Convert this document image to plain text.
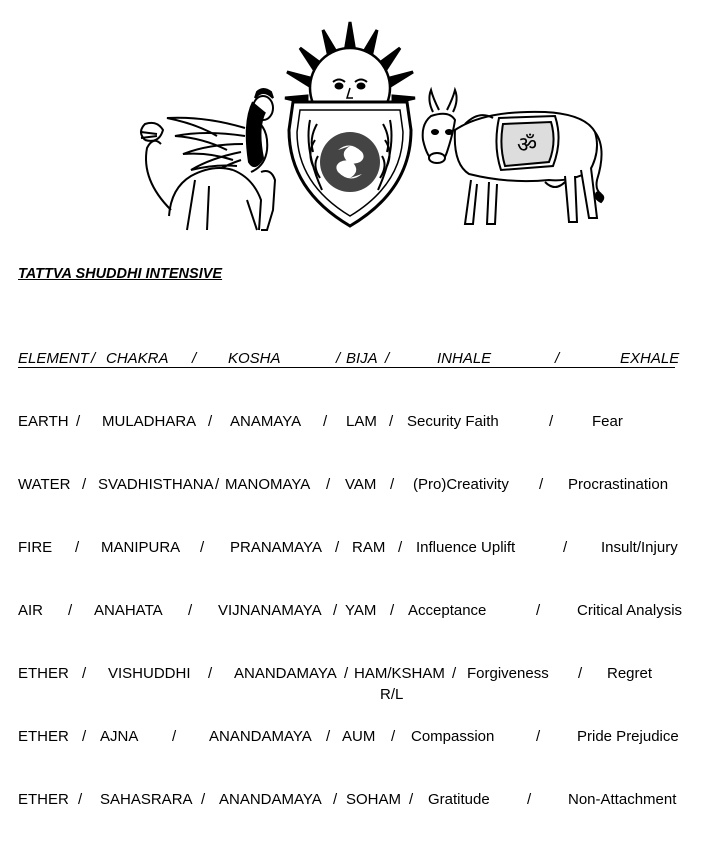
ॐ
TATTVA SHUDDHI INTENSIVE
ELEMENT / CHAKRA / KOSHA	/ BIJA /	INHALE	/	EXHALE
EARTH / MULADHARA / ANAMAYA / LAM / Security Faith	/	Fear
WATER / SVADHISTHANA / MANOMAYA / VAM / (Pro)Creativity / Procrastination
FIRE / MANIPURA / PRANAMAYA / RAM / Influence Uplift	/ Insult/Injury
AIR / ANAHATA / VIJNANAMAYA / YAM / Acceptance	/ Critical Analysis
ETHER / VISHUDDHI / ANANDAMAYA / HAM/KSHAM / Forgiveness / Regret
R/L
ETHER / AJNA / ANANDAMAYA / AUM / Compassion	/ Pride Prejudice
ETHER / SAHASRARA / ANANDAMAYA / SOHAM / Gratitude / Non-Attachment
